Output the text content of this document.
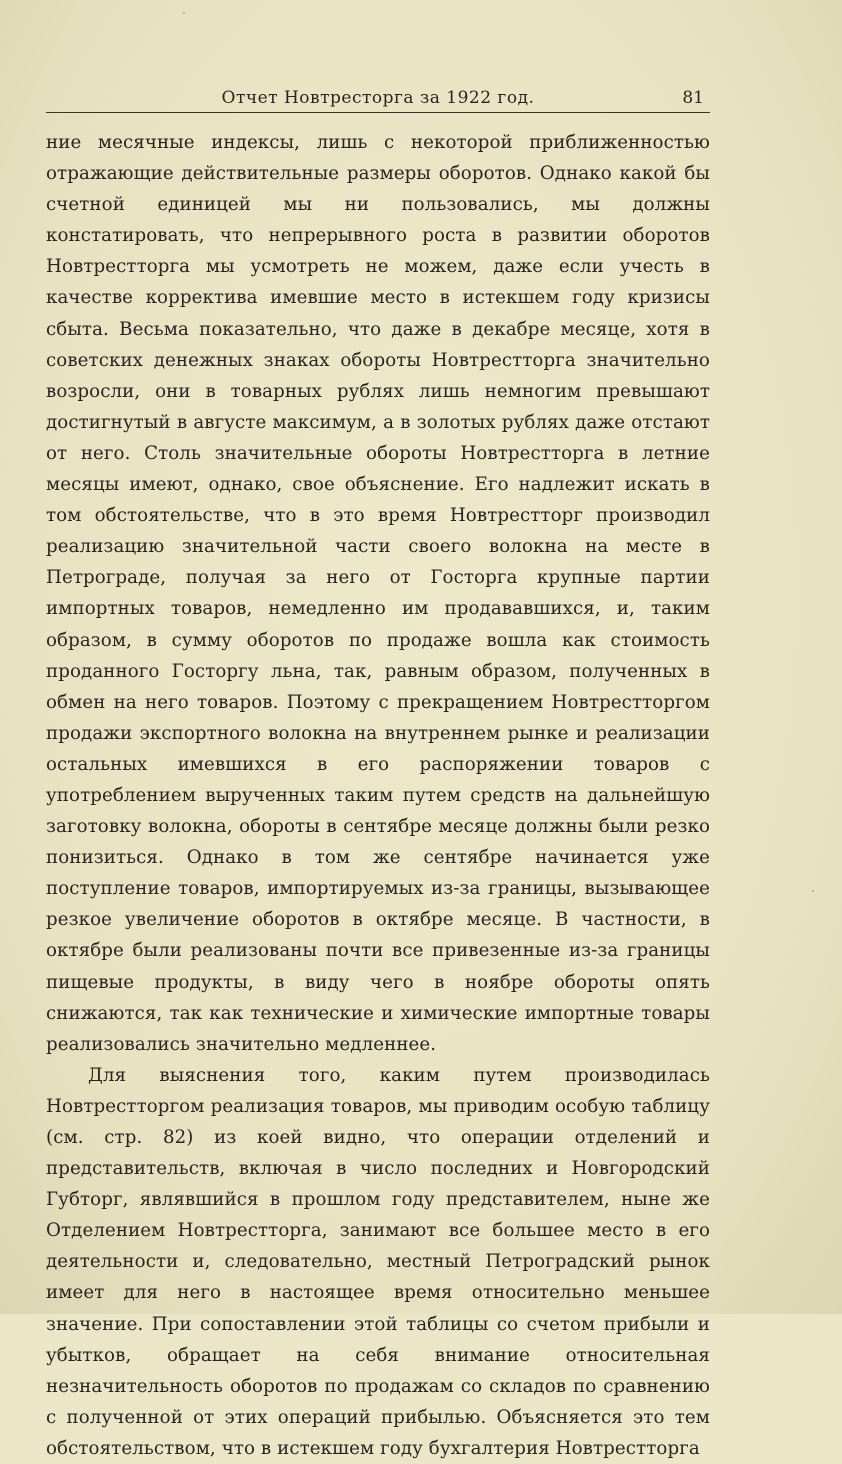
Отчет Новтресторга за 1922 год.	81

ние месячные индексы, лишь с некоторой приближенностью отражающие действительные размеры оборотов. Однако какой бы счетной единицей мы ни пользовались, мы должны констатировать, что непрерывного роста в развитии оборотов Новтрестторга мы усмотреть не можем, даже если учесть в качестве корректива имевшие место в истекшем году кризисы сбыта. Весьма показательно, что даже в декабре месяце, хотя в советских денежных знаках обороты Новтрестторга значительно возросли, они в товарных рублях лишь немногим превышают достигнутый в августе максимум, а в золотых рублях даже отстают от него. Столь значительные обороты Новтрестторга в летние месяцы имеют, однако, свое объяснение. Его надлежит искать в том обстоятельстве, что в это время Новтрестторг производил реализацию значительной части своего волокна на месте в Петрограде, получая за него от Госторга крупные партии импортных товаров, немедленно им продававшихся, и, таким образом, в сумму оборотов по продаже вошла как стоимость проданного Госторгу льна, так, равным образом, полученных в обмен на него товаров. Поэтому с прекращением Новтрестторгом продажи экспортного волокна на внутреннем рынке и реализации остальных имевшихся в его распоряжении товаров с употреблением вырученных таким путем средств на дальнейшую заготовку волокна, обороты в сентябре месяце должны были резко понизиться. Однако в том же сентябре начинается уже поступление товаров, импортируемых из-за границы, вызывающее резкое увеличение оборотов в октябре месяце. В частности, в октябре были реализованы почти все привезенные из-за границы пищевые продукты, в виду чего в ноябре обороты опять снижаются, так как технические и химические импортные товары реализовались значительно медленнее.

Для выяснения того, каким путем производилась Новтрестторгом реализация товаров, мы приводим особую таблицу (см. стр. 82) из коей видно, что операции отделений и представительств, включая в число последних и Новгородский Губторг, являвшийся в прошлом году представителем, ныне же Отделением Новтрестторга, занимают все большее место в его деятельности и, следовательно, местный Петроградский рынок имеет для него в настоящее время относительно меньшее значение. При сопоставлении этой таблицы со счетом прибыли и убытков, обращает на себя внимание относительная незначительность оборотов по продажам со складов по сравнению с полученной от этих операций прибылью. Объясняется это тем обстоятельством, что в истекшем году бухгалтерия Новтрестторга
